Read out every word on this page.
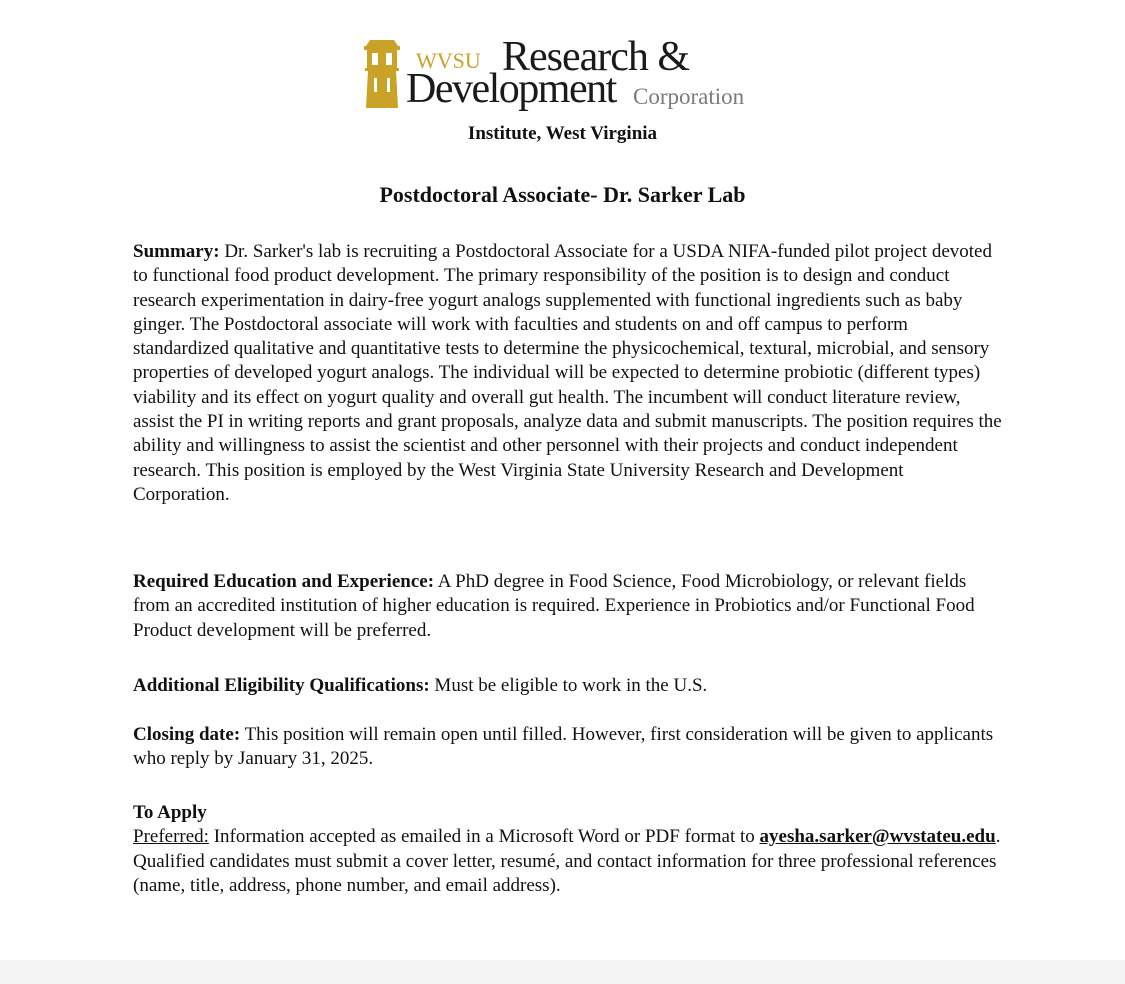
WVSU Research &
Development Corporation
Institute, West Virginia
Postdoctoral Associate- Dr. Sarker Lab
Summary: Dr. Sarker's lab is recruiting a Postdoctoral Associate for a USDA NIFA-funded pilot project devoted to functional food product development. The primary responsibility of the position is to design and conduct research experimentation in dairy-free yogurt analogs supplemented with functional ingredients such as baby ginger. The Postdoctoral associate will work with faculties and students on and off campus to perform standardized qualitative and quantitative tests to determine the physicochemical, textural, microbial, and sensory properties of developed yogurt analogs. The individual will be expected to determine probiotic (different types) viability and its effect on yogurt quality and overall gut health. The incumbent will conduct literature review, assist the PI in writing reports and grant proposals, analyze data and submit manuscripts. The position requires the ability and willingness to assist the scientist and other personnel with their projects and conduct independent research. This position is employed by the West Virginia State University Research and Development Corporation.
Required Education and Experience: A PhD degree in Food Science, Food Microbiology, or relevant fields from an accredited institution of higher education is required. Experience in Probiotics and/or Functional Food Product development will be preferred.
Additional Eligibility Qualifications: Must be eligible to work in the U.S.
Closing date: This position will remain open until filled. However, first consideration will be given to applicants who reply by January 31, 2025.
To Apply
Preferred: Information accepted as emailed in a Microsoft Word or PDF format to ayesha.sarker@wvstateu.edu. Qualified candidates must submit a cover letter, resumé, and contact information for three professional references (name, title, address, phone number, and email address).
